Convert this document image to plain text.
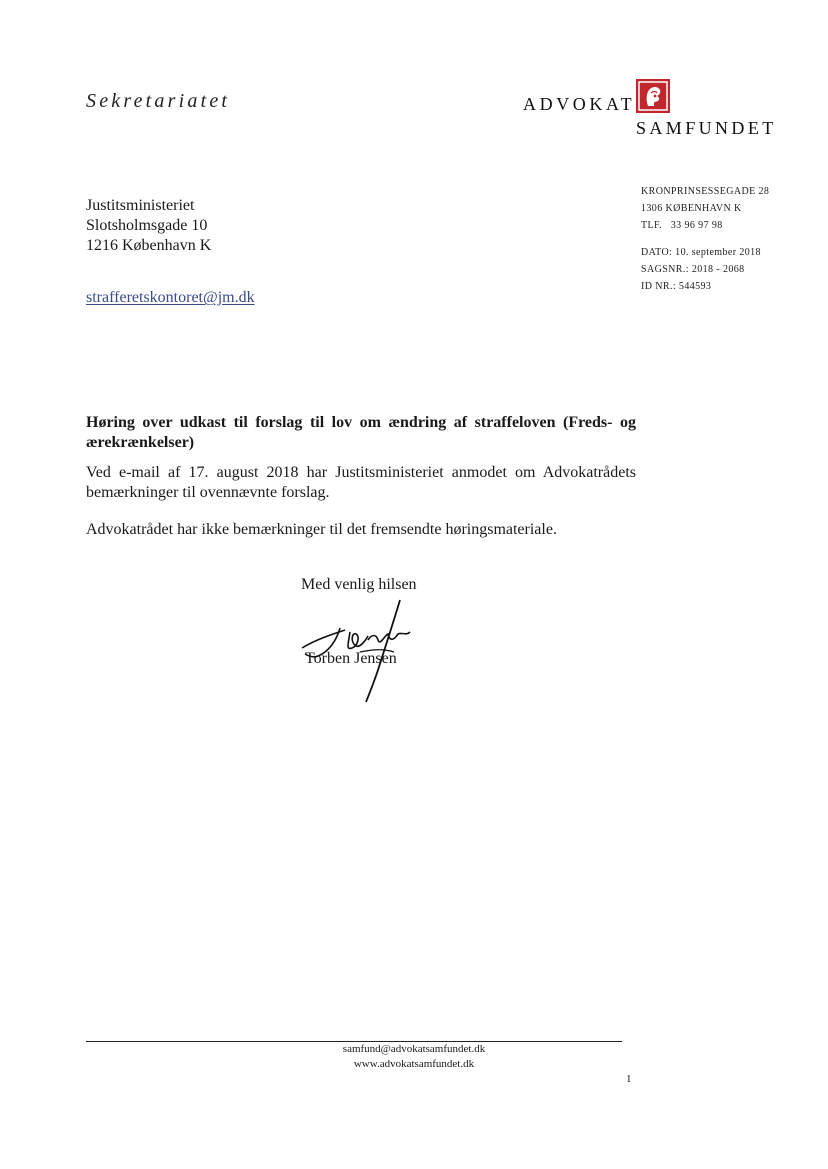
Sekretariatet	ADVOKAT
SAMFUNDET
Justitsministeriet
Slotsholmsgade 10
1216 København K
KRONPRINSESSEGADE 28
1306 KØBENHAVN K
TLF.   33 96 97 98
DATO: 10. september 2018
SAGSNR.: 2018 - 2068
ID NR.: 544593
strafferetskontoret@jm.dk
Høring over udkast til forslag til lov om ændring af straffeloven (Freds- og ærekrænkelser)
Ved e-mail af 17. august 2018 har Justitsministeriet anmodet om Advokatrådets bemærkninger til ovennævnte forslag.
Advokatrådet har ikke bemærkninger til det fremsendte høringsmateriale.
Med venlig hilsen
Torben Jensen
samfund@advokatsamfundet.dk
www.advokatsamfundet.dk
1
